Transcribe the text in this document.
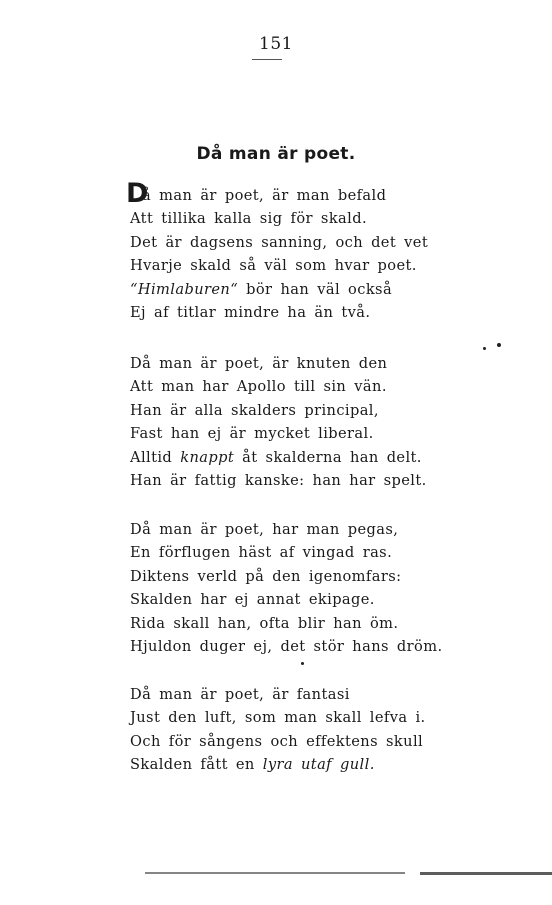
151
Då man är poet.
D
å man är poet, är man befald
Att tillika kalla sig för skald.
Det är dagsens sanning, och det vet
Hvarje skald så väl som hvar poet.
“Himlaburen“ bör han väl också
Ej af titlar mindre ha än två.
Då man är poet, är knuten den
Att man har Apollo till sin vän.
Han är alla skalders principal,
Fast han ej är mycket liberal.
Alltid knappt åt skalderna han delt.
Han är fattig kanske: han har spelt.
Då man är poet, har man pegas,
En förflugen häst af vingad ras.
Diktens verld på den igenomfars:
Skalden har ej annat ekipage.
Rida skall han, ofta blir han öm.
Hjuldon duger ej, det stör hans dröm.
Då man är poet, är fantasi
Just den luft, som man skall lefva i.
Och för sångens och effektens skull
Skalden fått en lyra utaf gull.
